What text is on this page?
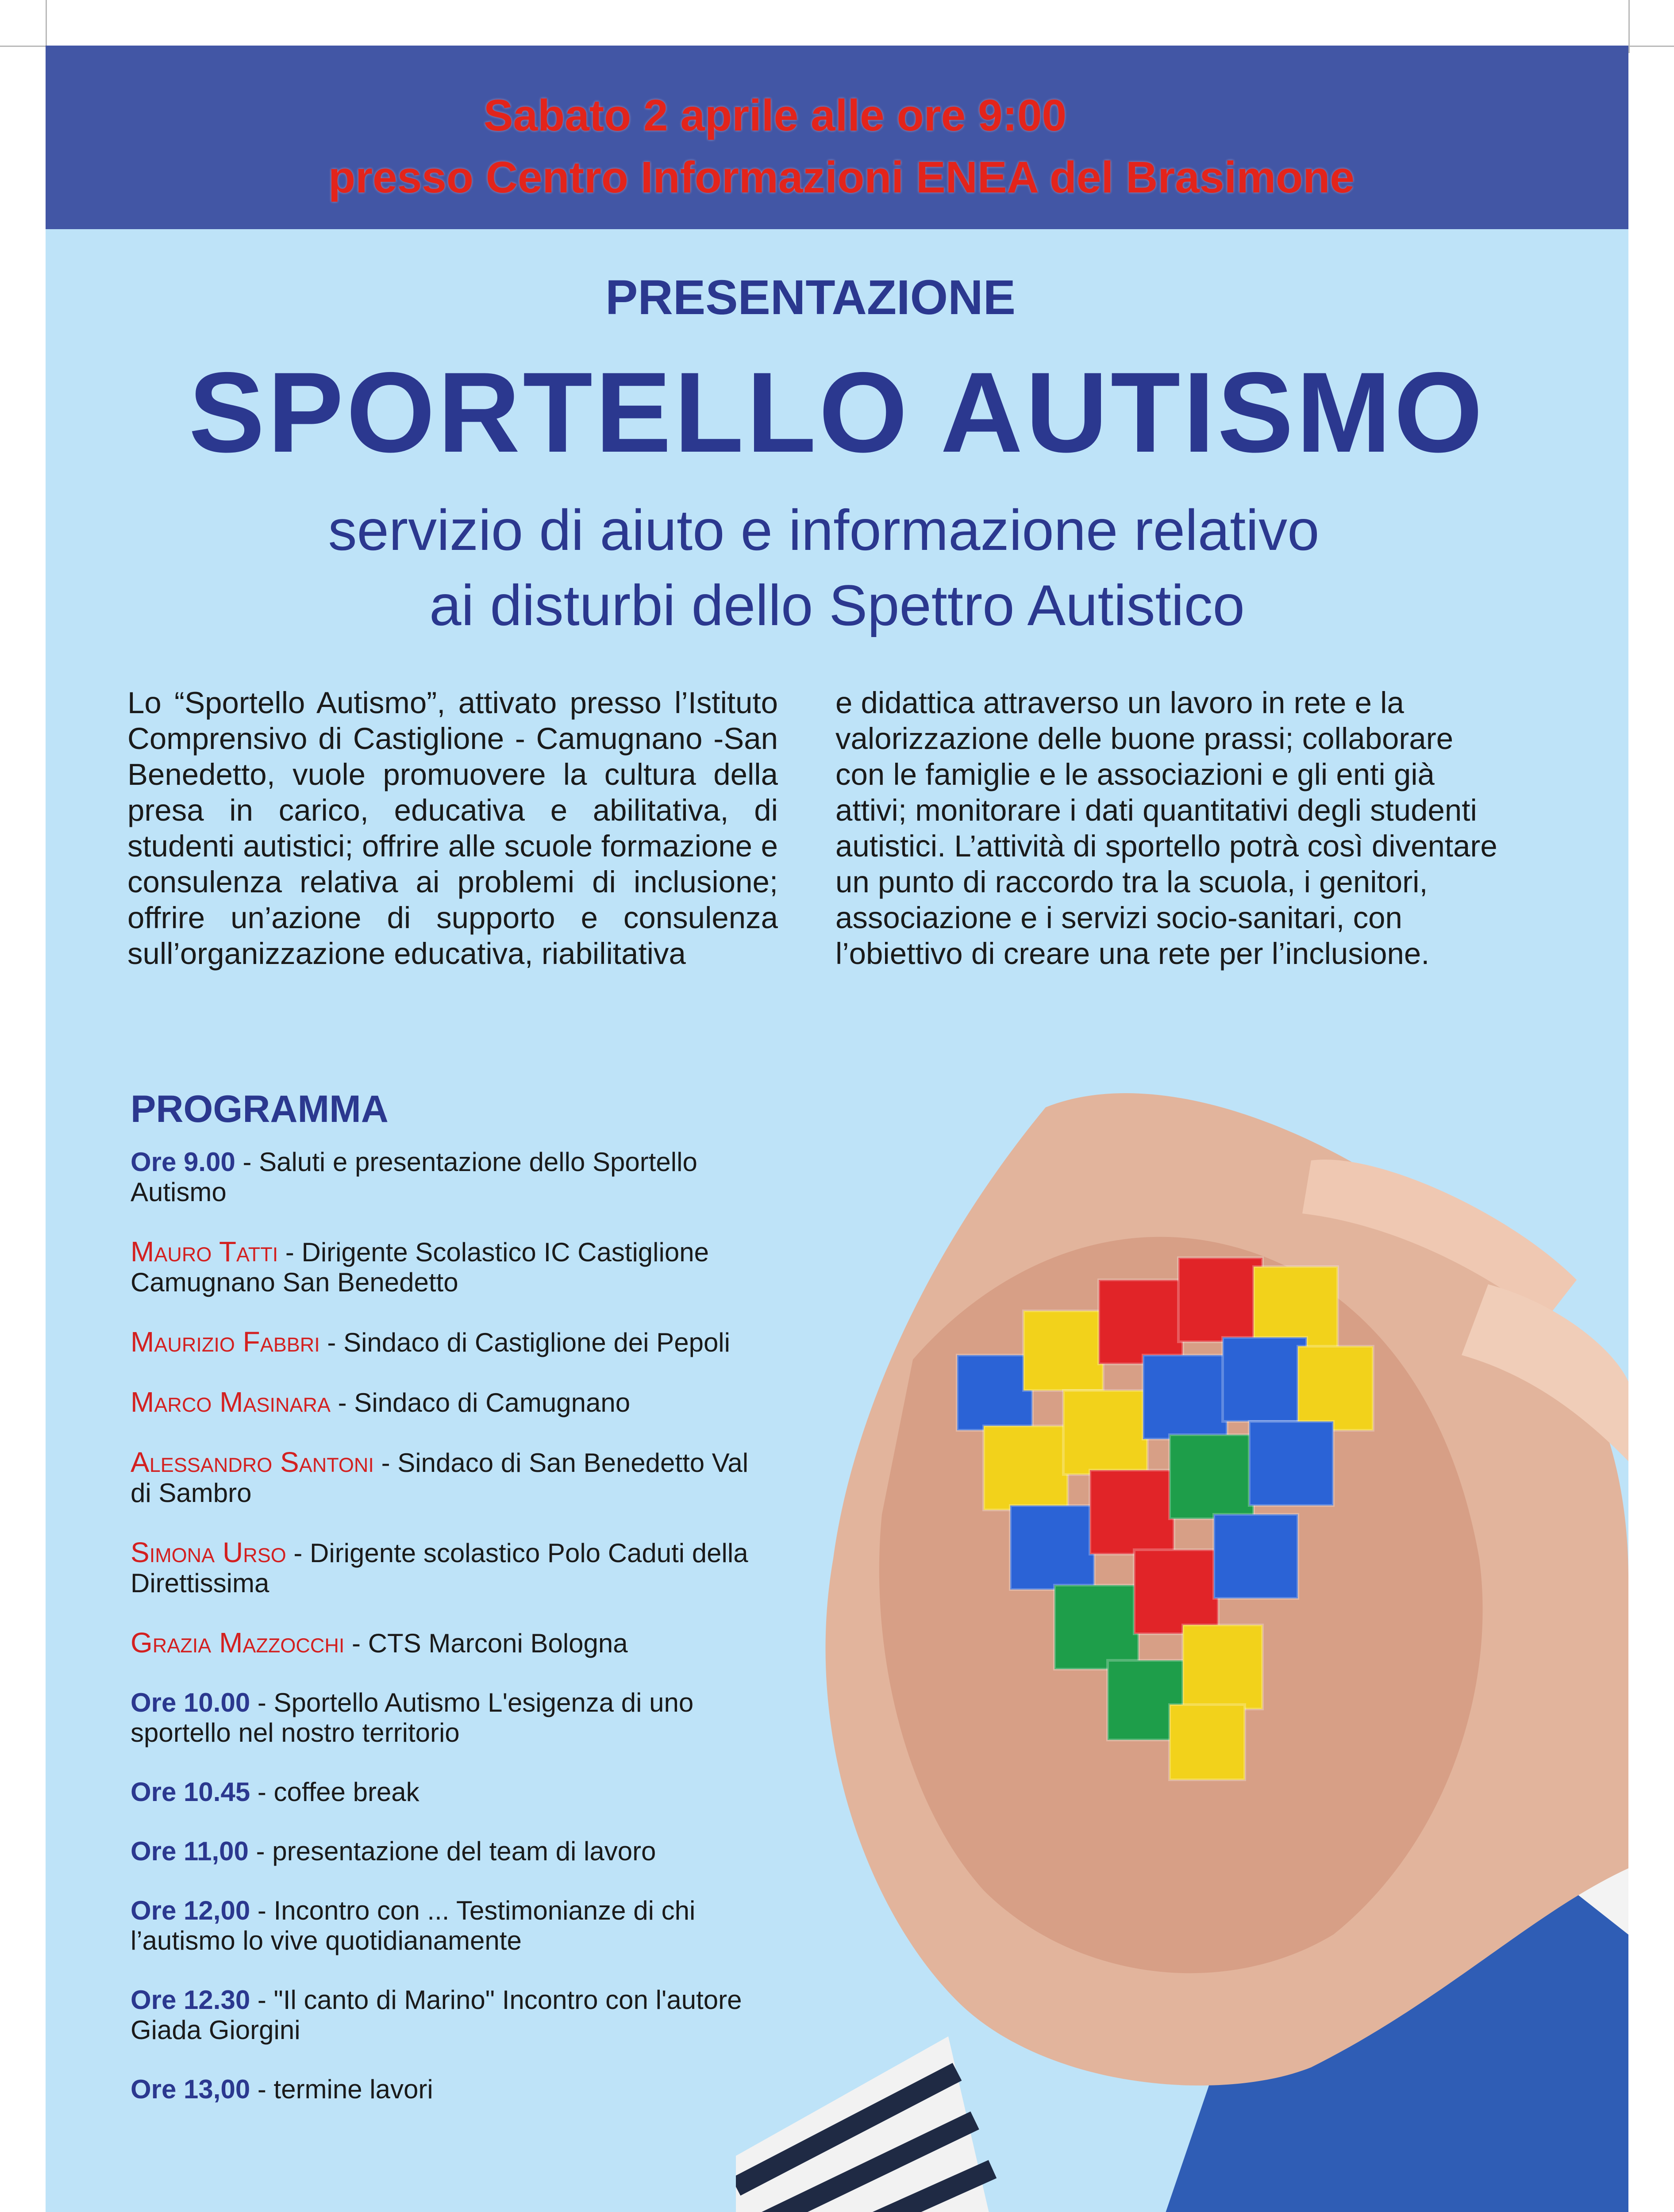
Sabato 2 aprile alle ore 9:00
presso Centro Informazioni ENEA del Brasimone
PRESENTAZIONE
SPORTELLO AUTISMO
servizio di aiuto e informazione relativo
ai disturbi dello Spettro Autistico
Lo “Sportello Autismo”, attivato presso l’Istituto Comprensivo di Castiglione - Camugnano -San Benedetto, vuole promuovere la cultura della presa in carico, educativa e abilitativa, di studenti autistici; offrire alle scuole formazione e consulenza relativa ai problemi di inclusione; offrire un’azione di supporto e consulenza sull’organizzazione educativa, riabilitativa
e didattica attraverso un lavoro in rete e la valorizzazione delle buone prassi; collaborare con le famiglie e le associazioni e gli enti già attivi; monitorare i dati quantitativi degli studenti autistici. L’attività di sportello potrà così diventare un punto di raccordo tra la scuola, i genitori, associazione e i servizi socio-sanitari, con l’obiettivo di creare una rete per l’inclusione.
PROGRAMMA
Ore 9.00 - Saluti e presentazione dello Sportello Autismo
Mauro Tatti - Dirigente Scolastico IC Castiglione Camugnano San Benedetto
Maurizio Fabbri - Sindaco di Castiglione dei Pepoli
Marco Masinara - Sindaco di Camugnano
Alessandro Santoni - Sindaco di San Benedetto Val di Sambro
Simona Urso - Dirigente scolastico Polo Caduti della Direttissima
Grazia Mazzocchi - CTS Marconi Bologna
Ore 10.00 - Sportello Autismo L'esigenza di uno sportello nel nostro territorio
Ore 10.45 - coffee break
Ore 11,00 - presentazione del team di lavoro
Ore 12,00 - Incontro con ... Testimonianze di chi l’autismo lo vive quotidianamente
Ore 12.30 - "Il canto di Marino" Incontro con l'autore Giada Giorgini
Ore 13,00 - termine lavori
